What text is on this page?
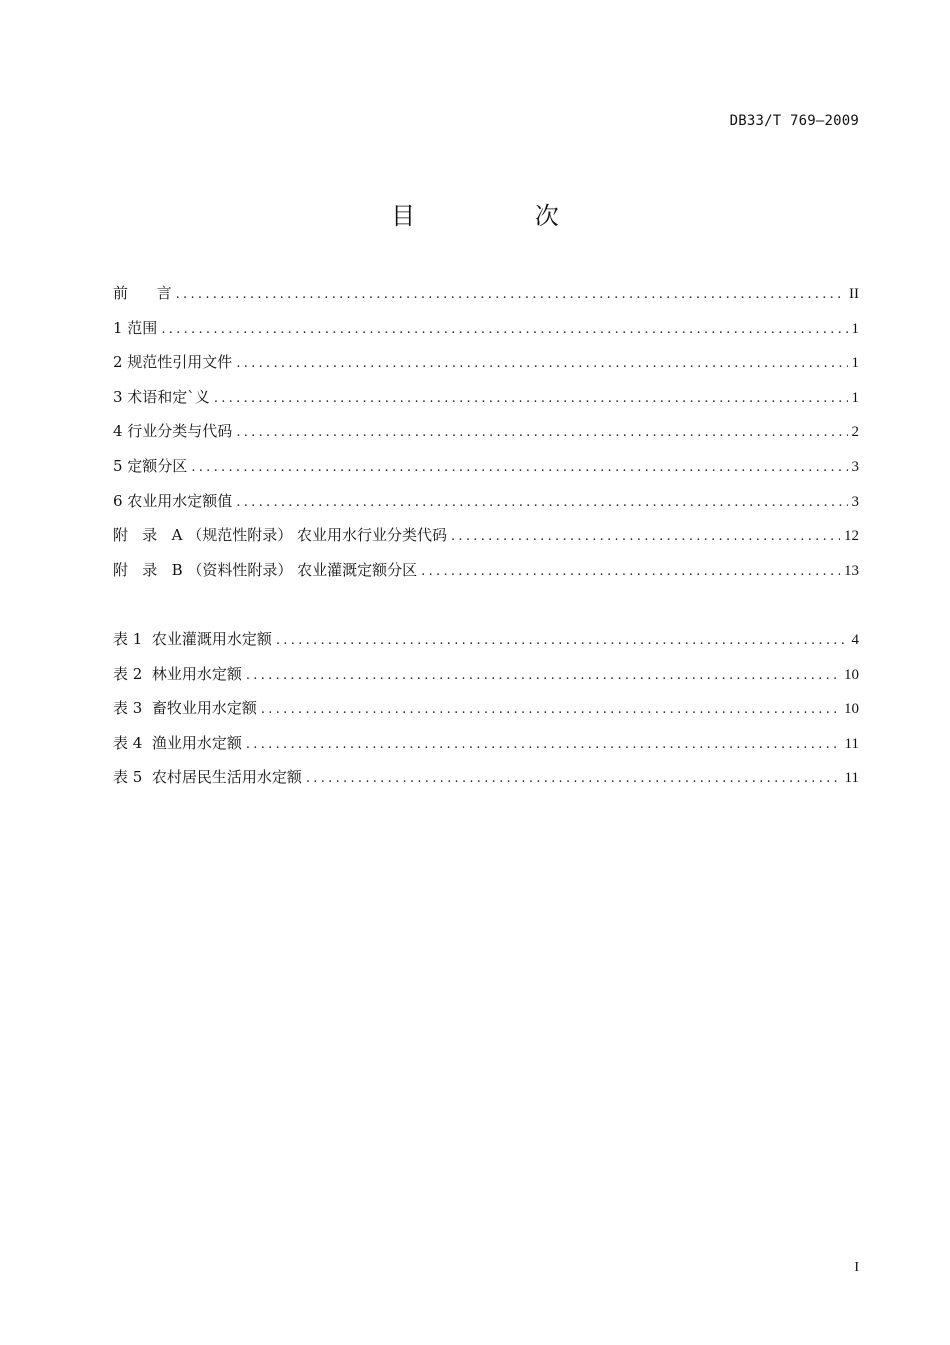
DB33/T 769—2009
目 次
前      言 .....	II
1 范围 .....	1
2 规范性引用文件 .....	1
3 术语和定`义 .....	1
4 行业分类与代码 .....	2
5 定额分区 .....	3
6 农业用水定额值 .....	3
附   录   A （规范性附录） 农业用水行业分类代码 .....	12
附   录   B （资料性附录） 农业灌溉定额分区 .....	13
表 1  农业灌溉用水定额 .....	4
表 2  林业用水定额 .....	10
表 3  畜牧业用水定额 .....	10
表 4  渔业用水定额 .....	11
表 5  农村居民生活用水定额 .....	11
I
